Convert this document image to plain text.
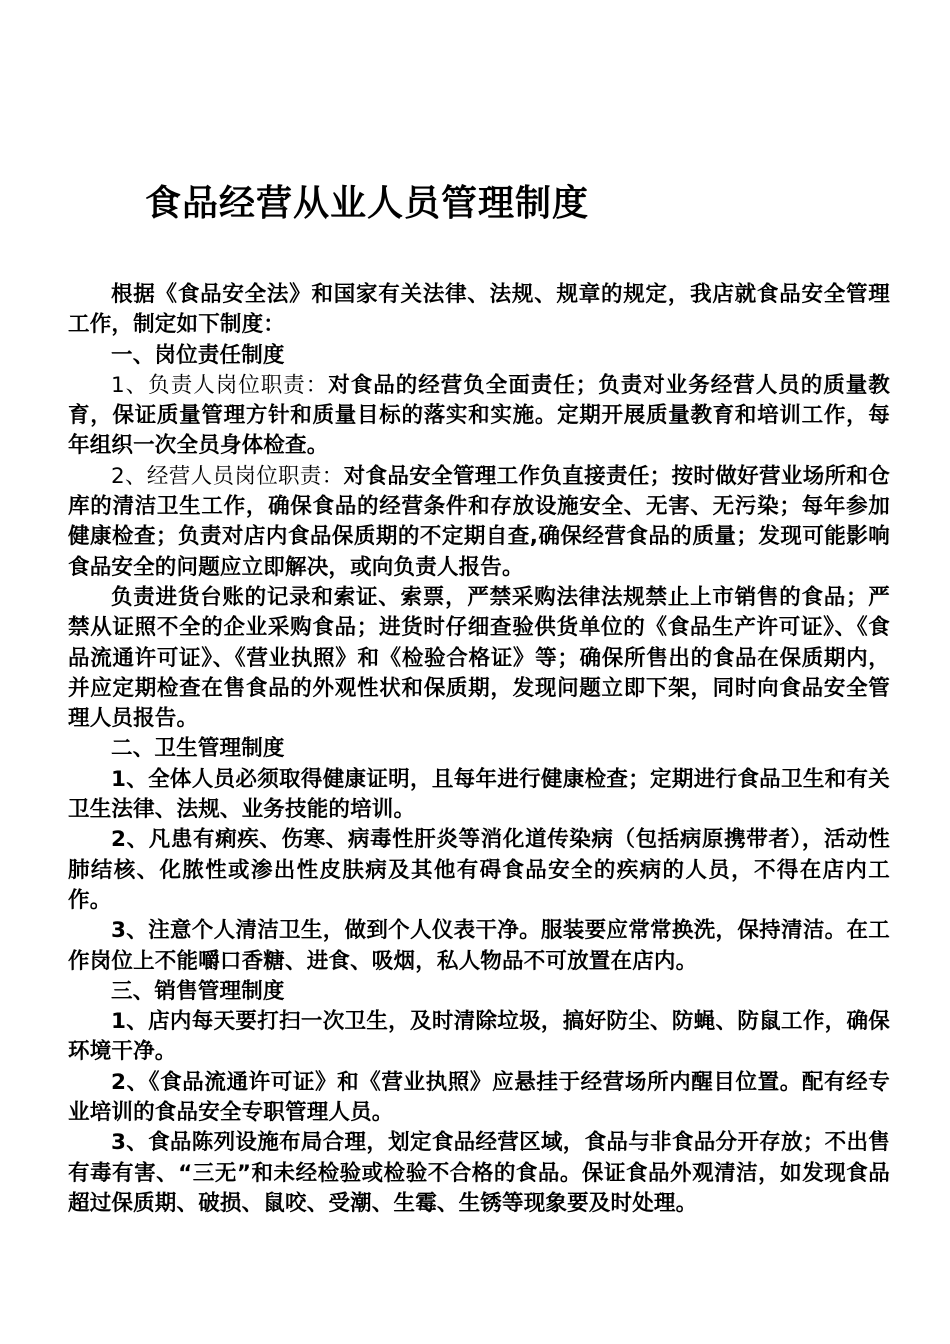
食品经营从业人员管理制度

根据《食品安全法》和国家有关法律、法规、规章的规定，我店就食品安全管理工作，制定如下制度：

一、岗位责任制度

1、负责人岗位职责：对食品的经营负全面责任；负责对业务经营人员的质量教育，保证质量管理方针和质量目标的落实和实施。定期开展质量教育和培训工作，每年组织一次全员身体检查。

2、经营人员岗位职责：对食品安全管理工作负直接责任；按时做好营业场所和仓库的清洁卫生工作，确保食品的经营条件和存放设施安全、无害、无污染；每年参加健康检查；负责对店内食品保质期的不定期自查,确保经营食品的质量；发现可能影响食品安全的问题应立即解决，或向负责人报告。

负责进货台账的记录和索证、索票，严禁采购法律法规禁止上市销售的食品；严禁从证照不全的企业采购食品；进货时仔细查验供货单位的《食品生产许可证》、《食品流通许可证》、《营业执照》和《检验合格证》等；确保所售出的食品在保质期内，并应定期检查在售食品的外观性状和保质期，发现问题立即下架，同时向食品安全管理人员报告。

二、卫生管理制度

1、全体人员必须取得健康证明，且每年进行健康检查；定期进行食品卫生和有关卫生法律、法规、业务技能的培训。

2、凡患有痢疾、伤寒、病毒性肝炎等消化道传染病（包括病原携带者），活动性肺结核、化脓性或渗出性皮肤病及其他有碍食品安全的疾病的人员，不得在店内工作。

3、注意个人清洁卫生，做到个人仪表干净。服装要应常常换洗，保持清洁。在工作岗位上不能嚼口香糖、进食、吸烟，私人物品不可放置在店内。

三、销售管理制度

1、店内每天要打扫一次卫生，及时清除垃圾，搞好防尘、防蝇、防鼠工作，确保环境干净。

2、《食品流通许可证》和《营业执照》应悬挂于经营场所内醒目位置。配有经专业培训的食品安全专职管理人员。

3、食品陈列设施布局合理，划定食品经营区域，食品与非食品分开存放；不出售有毒有害、“三无”和未经检验或检验不合格的食品。保证食品外观清洁，如发现食品超过保质期、破损、鼠咬、受潮、生霉、生锈等现象要及时处理。
